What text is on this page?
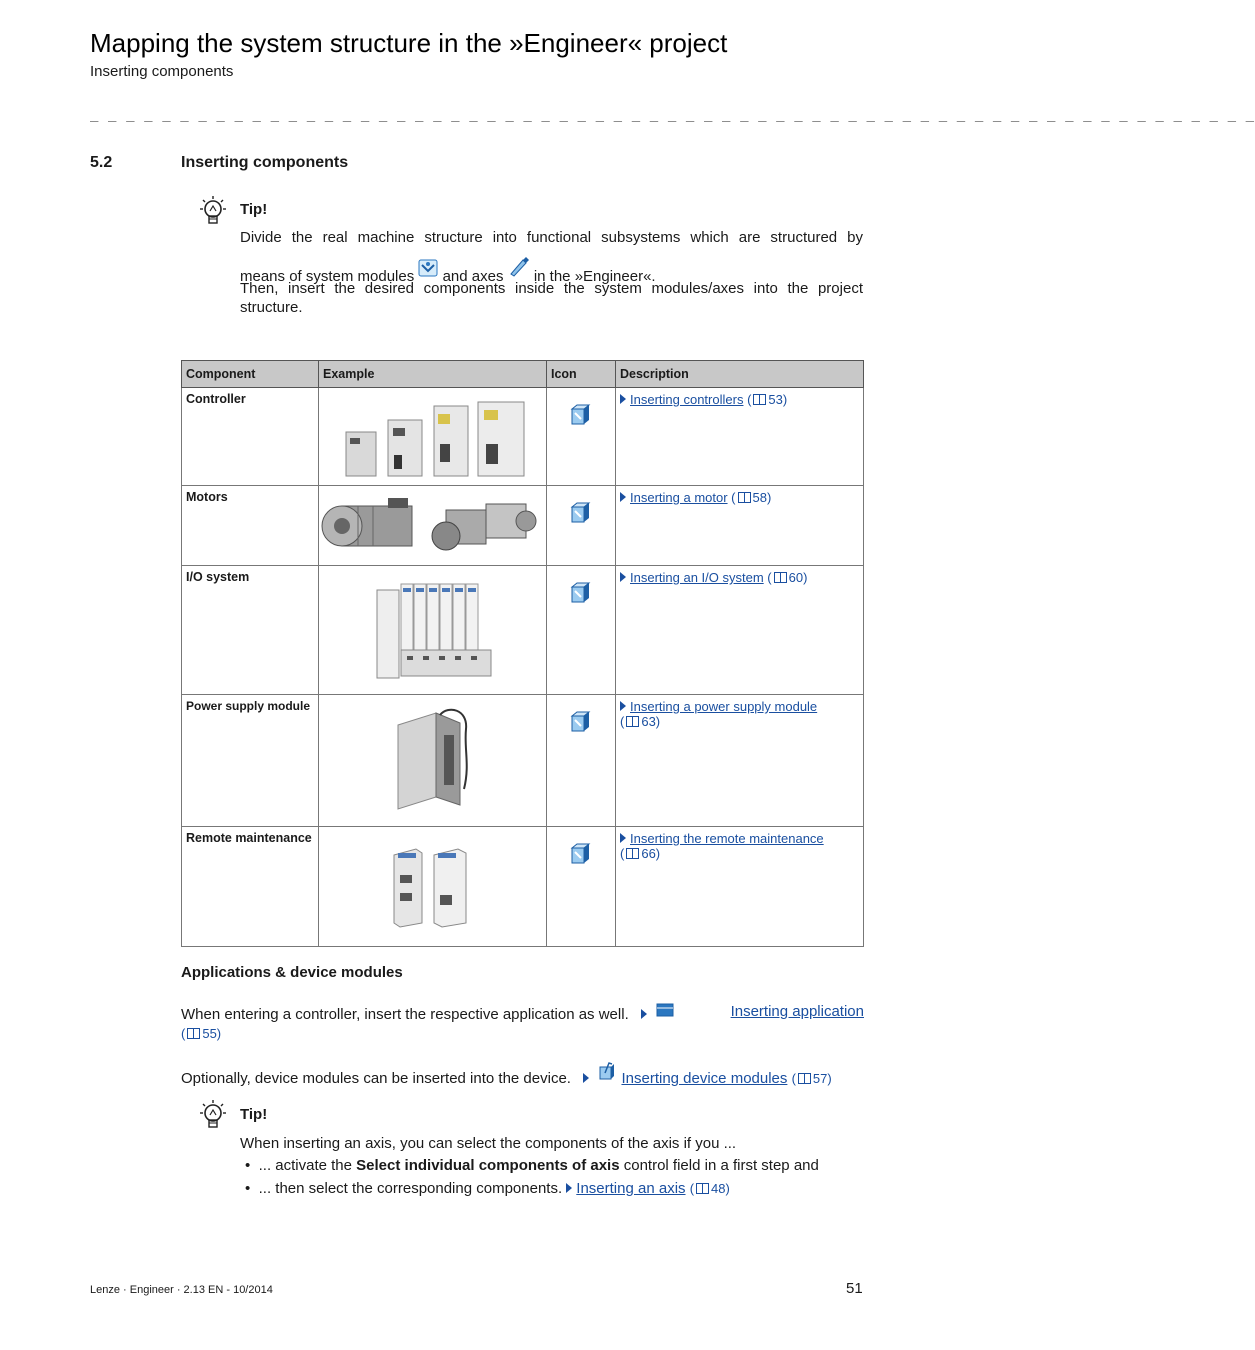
Mapping the system structure in the »Engineer« project
Inserting components
_ _ _ _ _ _ _ _ _ _ _ _ _ _ _ _ _ _ _ _ _ _ _ _ _ _ _ _ _ _ _ _ _ _ _ _ _ _ _ _ _ _ _ _ _ _ _ _ _ _ _ _ _ _ _ _ _ _ _ _ _ _ _ _ _
5.2	Inserting components
Tip!
Divide the real machine structure into functional subsystems which are structured by
means of system modules and axes in the »Engineer«.
Then, insert the desired components inside the system modules/axes into the project
structure.
Component	Example	Icon	Description
Controller			Inserting controllers ( 53)
Motors			Inserting a motor ( 58)
I/O system			Inserting an I/O system ( 60)
Power supply module			Inserting a power supply module
( 63)
Remote maintenance			Inserting the remote maintenance
( 66)
Applications & device modules
When entering a controller, insert the respective application as well.	Inserting application
( 55)
Optionally, device modules can be inserted into the device.	Inserting device modules ( 57)
Tip!
When inserting an axis, you can select the components of the axis if you ...
• ... activate the Select individual components of axis control field in a first step and
• ... then select the corresponding components. Inserting an axis ( 48)
Lenze · Engineer · 2.13 EN - 10/2014	51
